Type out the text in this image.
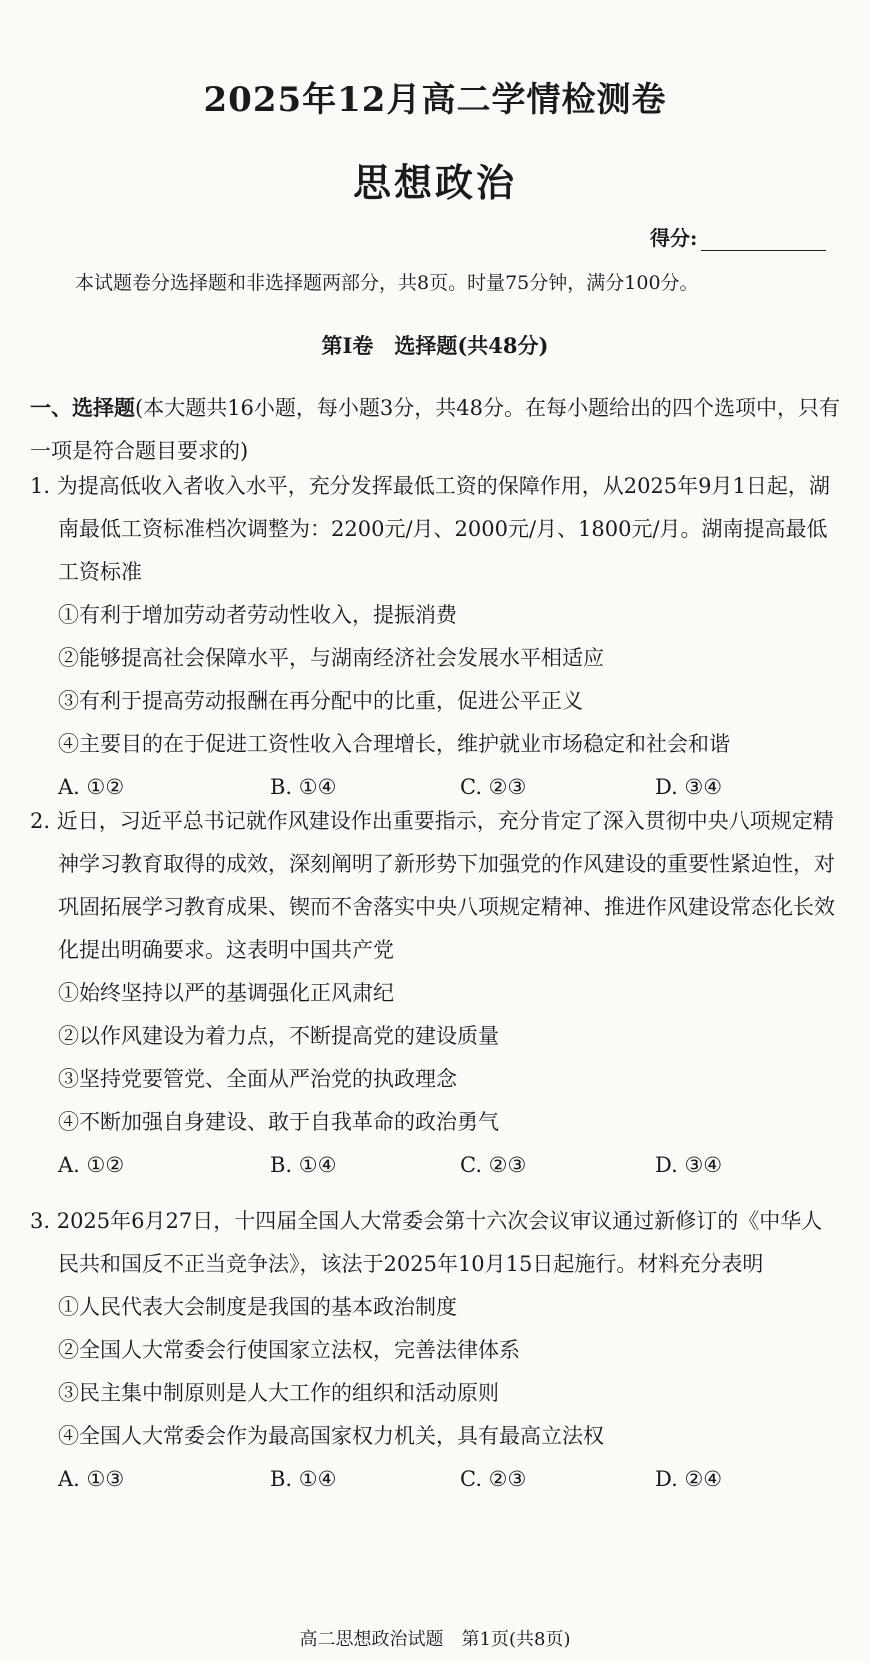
2025年12月高二学情检测卷
思想政治
得分:
本试题卷分选择题和非选择题两部分，共8页。时量75分钟，满分100分。
第Ⅰ卷　选择题(共48分)
一、选择题(本大题共16小题，每小题3分，共48分。在每小题给出的四个选项中，只有一项是符合题目要求的)

1. 为提高低收入者收入水平，充分发挥最低工资的保障作用，从2025年9月1日起，湖南最低工资标准档次调整为：2200元/月、2000元/月、1800元/月。湖南提高最低工资标准

①有利于增加劳动者劳动性收入，提振消费

②能够提高社会保障水平，与湖南经济社会发展水平相适应

③有利于提高劳动报酬在再分配中的比重，促进公平正义

④主要目的在于促进工资性收入合理增长，维护就业市场稳定和社会和谐

A. ①②	B. ①④	C. ②③	D. ③④

2. 近日，习近平总书记就作风建设作出重要指示，充分肯定了深入贯彻中央八项规定精神学习教育取得的成效，深刻阐明了新形势下加强党的作风建设的重要性紧迫性，对巩固拓展学习教育成果、锲而不舍落实中央八项规定精神、推进作风建设常态化长效化提出明确要求。这表明中国共产党

①始终坚持以严的基调强化正风肃纪

②以作风建设为着力点，不断提高党的建设质量

③坚持党要管党、全面从严治党的执政理念

④不断加强自身建设、敢于自我革命的政治勇气

A. ①②	B. ①④	C. ②③	D. ③④

3. 2025年6月27日，十四届全国人大常委会第十六次会议审议通过新修订的《中华人民共和国反不正当竞争法》，该法于2025年10月15日起施行。材料充分表明

①人民代表大会制度是我国的基本政治制度

②全国人大常委会行使国家立法权，完善法律体系

③民主集中制原则是人大工作的组织和活动原则

④全国人大常委会作为最高国家权力机关，具有最高立法权

A. ①③	B. ①④	C. ②③	D. ②④
高二思想政治试题　第1页(共8页)
